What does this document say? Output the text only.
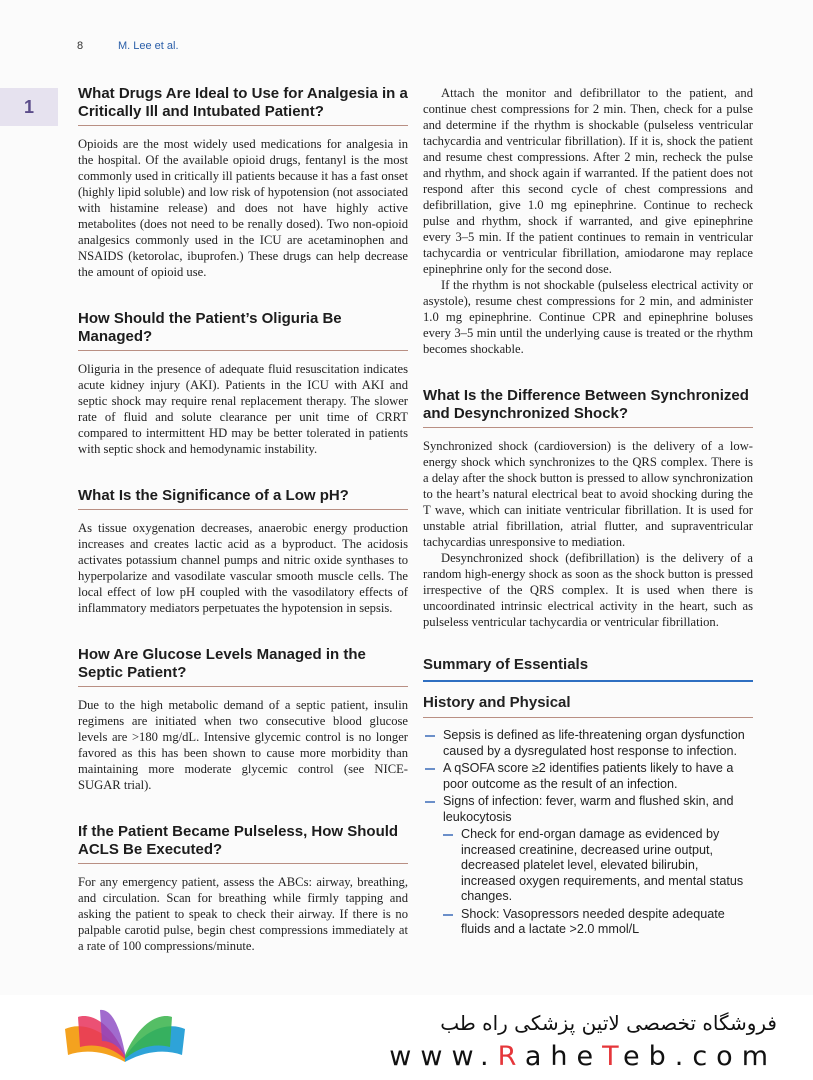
8	M. Lee et al.
1
What Drugs Are Ideal to Use for Analgesia in a Critically Ill and Intubated Patient?

Opioids are the most widely used medications for analgesia in the hospital. Of the available opioid drugs, fentanyl is the most commonly used in critically ill patients because it has a fast onset (highly lipid soluble) and low risk of hypotension (not associated with histamine release) and does not have highly active metabolites (does not need to be renally dosed). Two non-opioid analgesics commonly used in the ICU are acetaminophen and NSAIDS (ketorolac, ibuprofen.) These drugs can help decrease the amount of opioid use.

How Should the Patient’s Oliguria Be Managed?

Oliguria in the presence of adequate fluid resuscitation indicates acute kidney injury (AKI). Patients in the ICU with AKI and septic shock may require renal replacement therapy. The slower rate of fluid and solute clearance per unit time of CRRT compared to intermittent HD may be better tolerated in patients with septic shock and hemodynamic instability.

What Is the Significance of a Low pH?

As tissue oxygenation decreases, anaerobic energy production increases and creates lactic acid as a byproduct. The acidosis activates potassium channel pumps and nitric oxide synthases to hyperpolarize and vasodilate vascular smooth muscle cells. The local effect of low pH coupled with the vasodilatory effects of inflammatory mediators perpetuates the hypotension in sepsis.

How Are Glucose Levels Managed in the Septic Patient?

Due to the high metabolic demand of a septic patient, insulin regimens are initiated when two consecutive blood glucose levels are >180 mg/dL. Intensive glycemic control is no longer favored as this has been shown to cause more morbidity than maintaining more moderate glycemic control (see NICE-SUGAR trial).

If the Patient Became Pulseless, How Should ACLS Be Executed?

For any emergency patient, assess the ABCs: airway, breathing, and circulation. Scan for breathing while firmly tapping and asking the patient to speak to check their airway. If there is no palpable carotid pulse, begin chest compressions immediately at a rate of 100 compressions/minute.

Attach the monitor and defibrillator to the patient, and continue chest compressions for 2 min. Then, check for a pulse and determine if the rhythm is shockable (pulseless ventricular tachycardia and ventricular fibrillation). If it is, shock the patient and resume chest compressions. After 2 min, recheck the pulse and rhythm, and shock again if warranted. If the patient does not respond after this second cycle of chest compressions and defibrillation, give 1.0 mg epinephrine. Continue to recheck pulse and rhythm, shock if warranted, and give epinephrine every 3–5 min. If the patient continues to remain in ventricular tachycardia or ventricular fibrillation, amiodarone may replace epinephrine only for the second dose.

If the rhythm is not shockable (pulseless electrical activity or asystole), resume chest compressions for 2 min, and administer 1.0 mg epinephrine. Continue CPR and epinephrine boluses every 3–5 min until the underlying cause is treated or the rhythm becomes shockable.

What Is the Difference Between Synchronized and Desynchronized Shock?

Synchronized shock (cardioversion) is the delivery of a low-energy shock which synchronizes to the QRS complex. There is a delay after the shock button is pressed to allow synchronization to the heart’s natural electrical beat to avoid shocking during the T wave, which can initiate ventricular fibrillation. It is used for unstable atrial fibrillation, atrial flutter, and supraventricular tachycardias unresponsive to mediation.

Desynchronized shock (defibrillation) is the delivery of a random high-energy shock as soon as the shock button is pressed irrespective of the QRS complex. It is used when there is uncoordinated intrinsic electrical activity in the heart, such as pulseless ventricular tachycardia or ventricular fibrillation.

Summary of Essentials
History and Physical
Sepsis is defined as life-threatening organ dysfunction caused by a dysregulated host response to infection.
A qSOFA score ≥2 identifies patients likely to have a poor outcome as the result of an infection.
Signs of infection: fever, warm and flushed skin, and leukocytosis
Check for end-organ damage as evidenced by increased creatinine, decreased urine output, decreased platelet level, elevated bilirubin, increased oxygen requirements, and mental status changes.
Shock: Vasopressors needed despite adequate fluids and a lactate >2.0 mmol/L
فروشگاه تخصصی لاتین پزشکی راه طب
www.RaheTeb.com
